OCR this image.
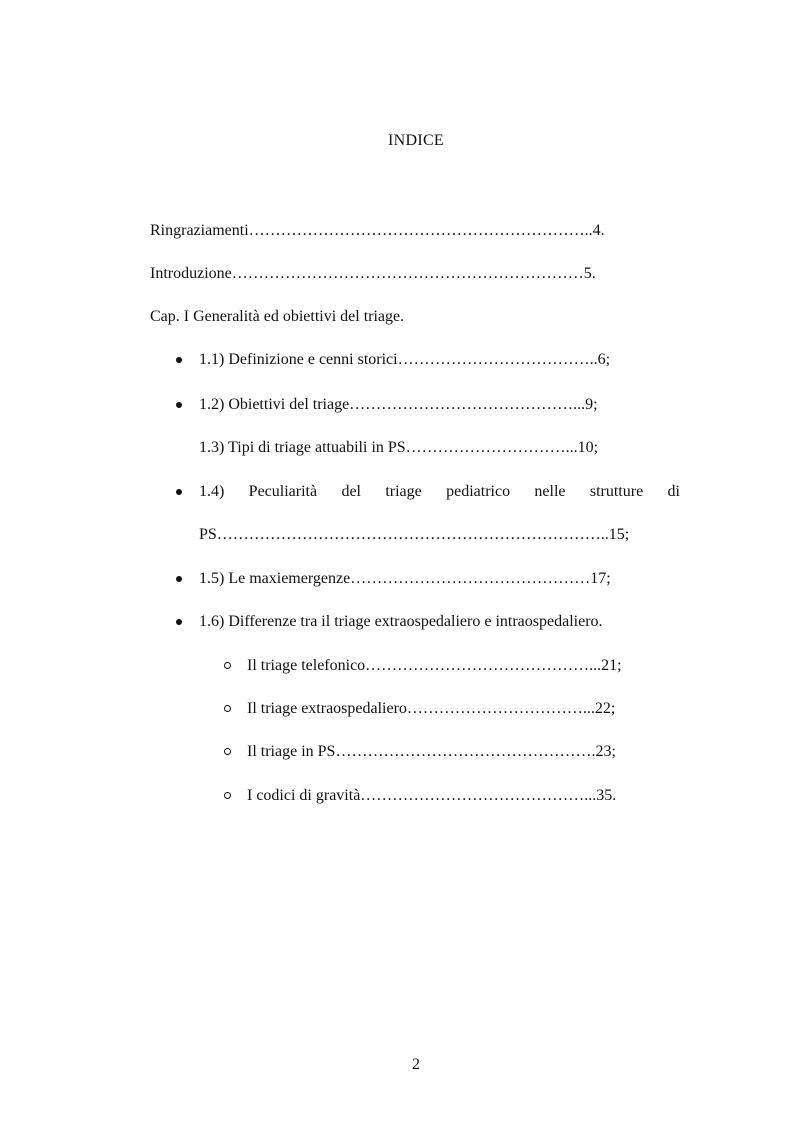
INDICE
Ringraziamenti………………………………………………………..4.
Introduzione…………………………………………………………5.
Cap. I Generalità ed obiettivi del triage.
1.1) Definizione e cenni storici………………………………..6;
1.2) Obiettivi del triage……………………………………...9;
1.3) Tipi di triage attuabili in PS…………………………...10;
1.4) Peculiarità del triage pediatrico nelle strutture di
PS………………………………………………………………..15;
1.5) Le maxiemergenze………………………………………17;
1.6) Differenze tra il triage extraospedaliero e intraospedaliero.
Il triage telefonico……………………………………...21;
Il triage extraospedaliero……………………………...22;
Il triage in PS………………………………………….23;
I codici di gravità……………………………………...35.
2
